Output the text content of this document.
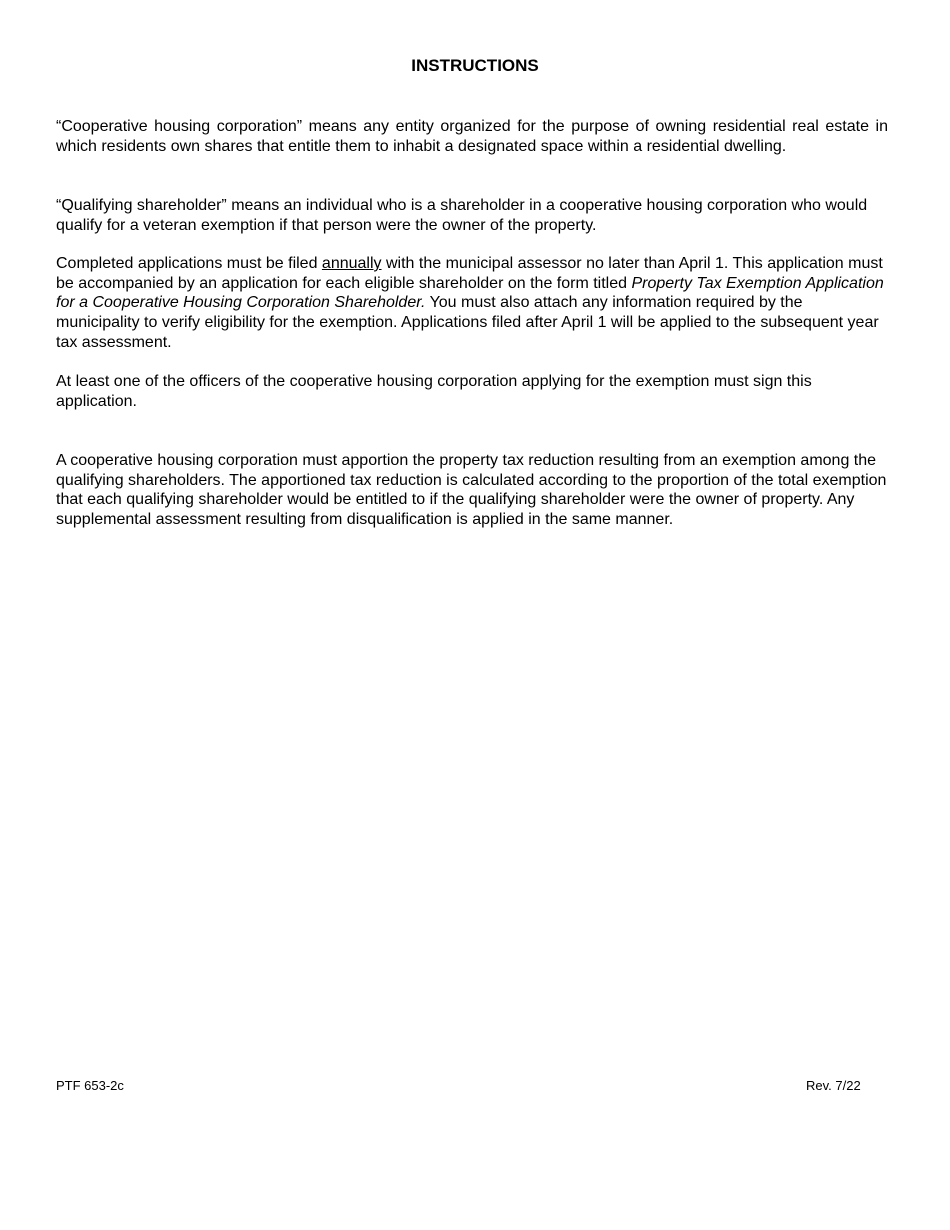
INSTRUCTIONS

“Cooperative housing corporation” means any entity organized for the purpose of owning residential real estate in which residents own shares that entitle them to inhabit a designated space within a residential dwelling.

“Qualifying shareholder” means an individual who is a shareholder in a cooperative housing corporation who would qualify for a veteran exemption if that person were the owner of the property.

Completed applications must be filed annually with the municipal assessor no later than April 1. This application must be accompanied by an application for each eligible shareholder on the form titled Property Tax Exemption Application for a Cooperative Housing Corporation Shareholder. You must also attach any information required by the municipality to verify eligibility for the exemption. Applications filed after April 1 will be applied to the subsequent year tax assessment.

At least one of the officers of the cooperative housing corporation applying for the exemption must sign this application.

A cooperative housing corporation must apportion the property tax reduction resulting from an exemption among the qualifying shareholders. The apportioned tax reduction is calculated according to the proportion of the total exemption that each qualifying shareholder would be entitled to if the qualifying shareholder were the owner of property. Any supplemental assessment resulting from disqualification is applied in the same manner.

PTF 653-2c	Rev. 7/22
